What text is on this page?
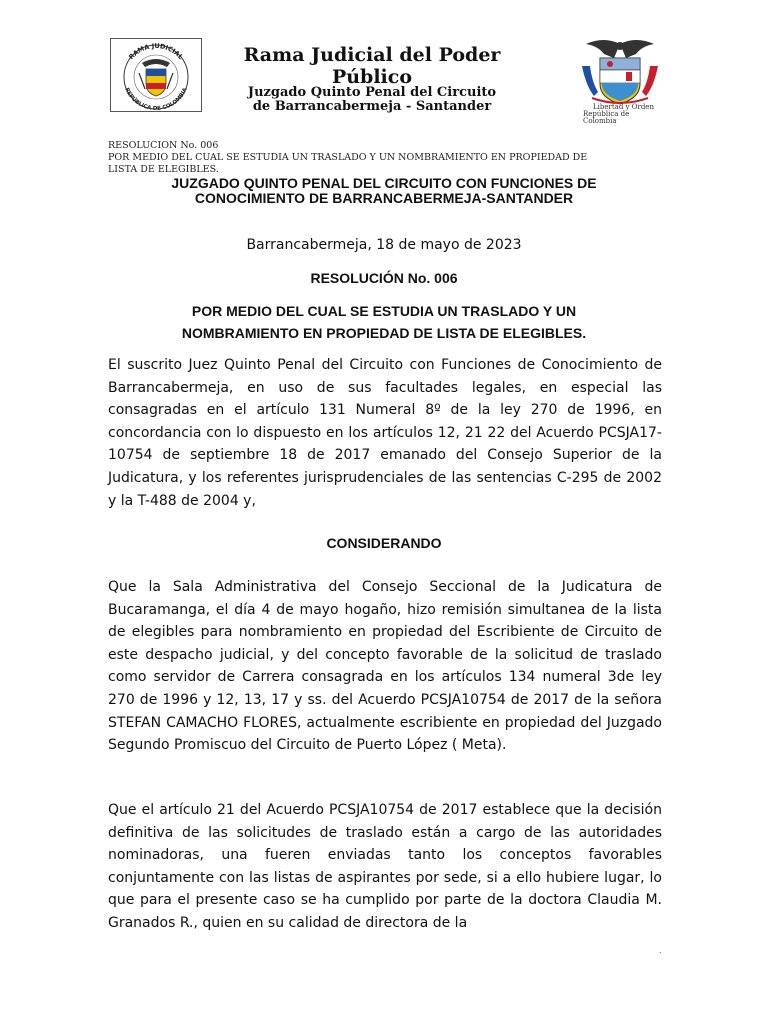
RAMA JUDICIAL
REPÚBLICA DE COLOMBIA
Rama Judicial del Poder Público
Juzgado Quinto Penal del Circuito
de Barrancabermeja - Santander	Libertad y Orden
República de
Colombia
RESOLUCION No. 006
POR MEDIO DEL CUAL SE ESTUDIA UN TRASLADO Y UN NOMBRAMIENTO EN PROPIEDAD DE
LISTA DE ELEGIBLES.
JUZGADO QUINTO PENAL DEL CIRCUITO CON FUNCIONES DE
CONOCIMIENTO DE BARRANCABERMEJA-SANTANDER
Barrancabermeja, 18 de mayo de 2023
RESOLUCIÓN No. 006
POR MEDIO DEL CUAL SE ESTUDIA UN TRASLADO Y UN
NOMBRAMIENTO EN PROPIEDAD DE LISTA DE ELEGIBLES.
El suscrito Juez Quinto Penal del Circuito con Funciones de Conocimiento de Barrancabermeja, en uso de sus facultades legales, en especial las consagradas en el artículo 131 Numeral 8º de la ley 270 de 1996, en concordancia con lo dispuesto en los artículos 12, 21 22 del Acuerdo PCSJA17-10754 de septiembre 18 de 2017 emanado del Consejo Superior de la Judicatura, y los referentes jurisprudenciales de las sentencias C-295 de 2002 y la T-488 de 2004 y,
CONSIDERANDO
Que la Sala Administrativa del Consejo Seccional de la Judicatura de Bucaramanga, el día 4 de mayo hogaño, hizo remisión simultanea de la lista de elegibles para nombramiento en propiedad del Escribiente de Circuito de este despacho judicial, y del concepto favorable de la solicitud de traslado como servidor de Carrera consagrada en los artículos 134 numeral 3de ley 270 de 1996 y 12, 13, 17 y ss. del Acuerdo PCSJA10754 de 2017 de la señora STEFAN CAMACHO FLORES, actualmente escribiente en propiedad del Juzgado Segundo Promiscuo del Circuito de Puerto López ( Meta).
Que el artículo 21 del Acuerdo PCSJA10754 de 2017 establece que la decisión definitiva de las solicitudes de traslado están a cargo de las autoridades nominadoras, una fueren enviadas tanto los conceptos favorables conjuntamente con las listas de aspirantes por sede, si a ello hubiere lugar, lo que para el presente caso se ha cumplido por parte de la doctora Claudia M. Granados R., quien en su calidad de directora de la
.
